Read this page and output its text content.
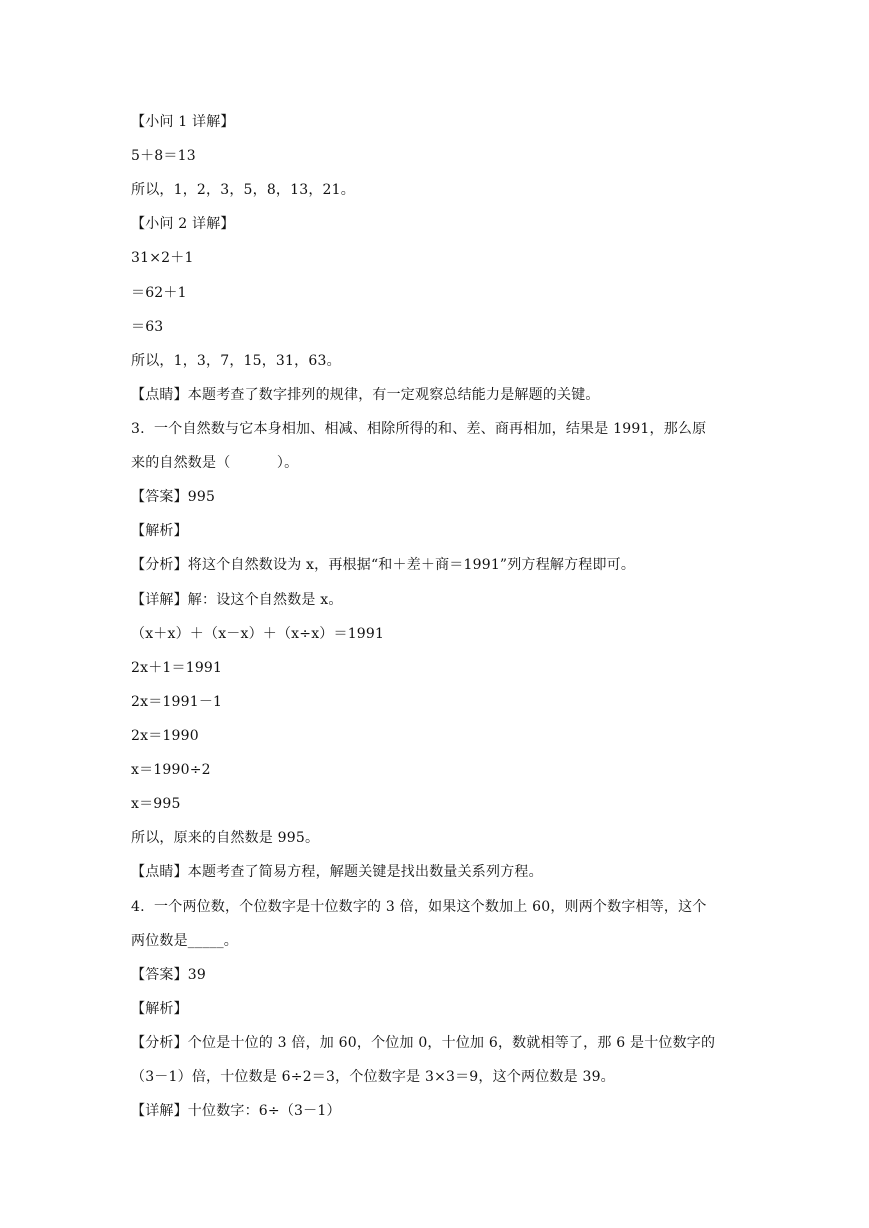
【小问 1 详解】
5＋8＝13
所以，1，2，3，5，8，13，21。
【小问 2 详解】
31×2＋1
＝62＋1
＝63
所以，1，3，7，15，31，63。
【点睛】本题考查了数字排列的规律，有一定观察总结能力是解题的关键。
3.  一个自然数与它本身相加、相减、相除所得的和、差、商再相加，结果是 1991，那么原
来的自然数是（          ）。
【答案】995
【解析】
【分析】将这个自然数设为 x，再根据“和＋差＋商＝1991”列方程解方程即可。
【详解】解：设这个自然数是 x。
（x＋x）＋（x－x）＋（x÷x）＝1991
2x＋1＝1991
2x＝1991－1
2x＝1990
x＝1990÷2
x＝995
所以，原来的自然数是 995。
【点睛】本题考查了简易方程，解题关键是找出数量关系列方程。
4.  一个两位数，个位数字是十位数字的 3 倍，如果这个数加上 60，则两个数字相等，这个
两位数是_____。
【答案】39
【解析】
【分析】个位是十位的 3 倍，加 60，个位加 0，十位加 6，数就相等了，那 6 是十位数字的
（3－1）倍，十位数是 6÷2＝3，个位数字是 3×3＝9，这个两位数是 39。
【详解】十位数字：6÷（3－1）
